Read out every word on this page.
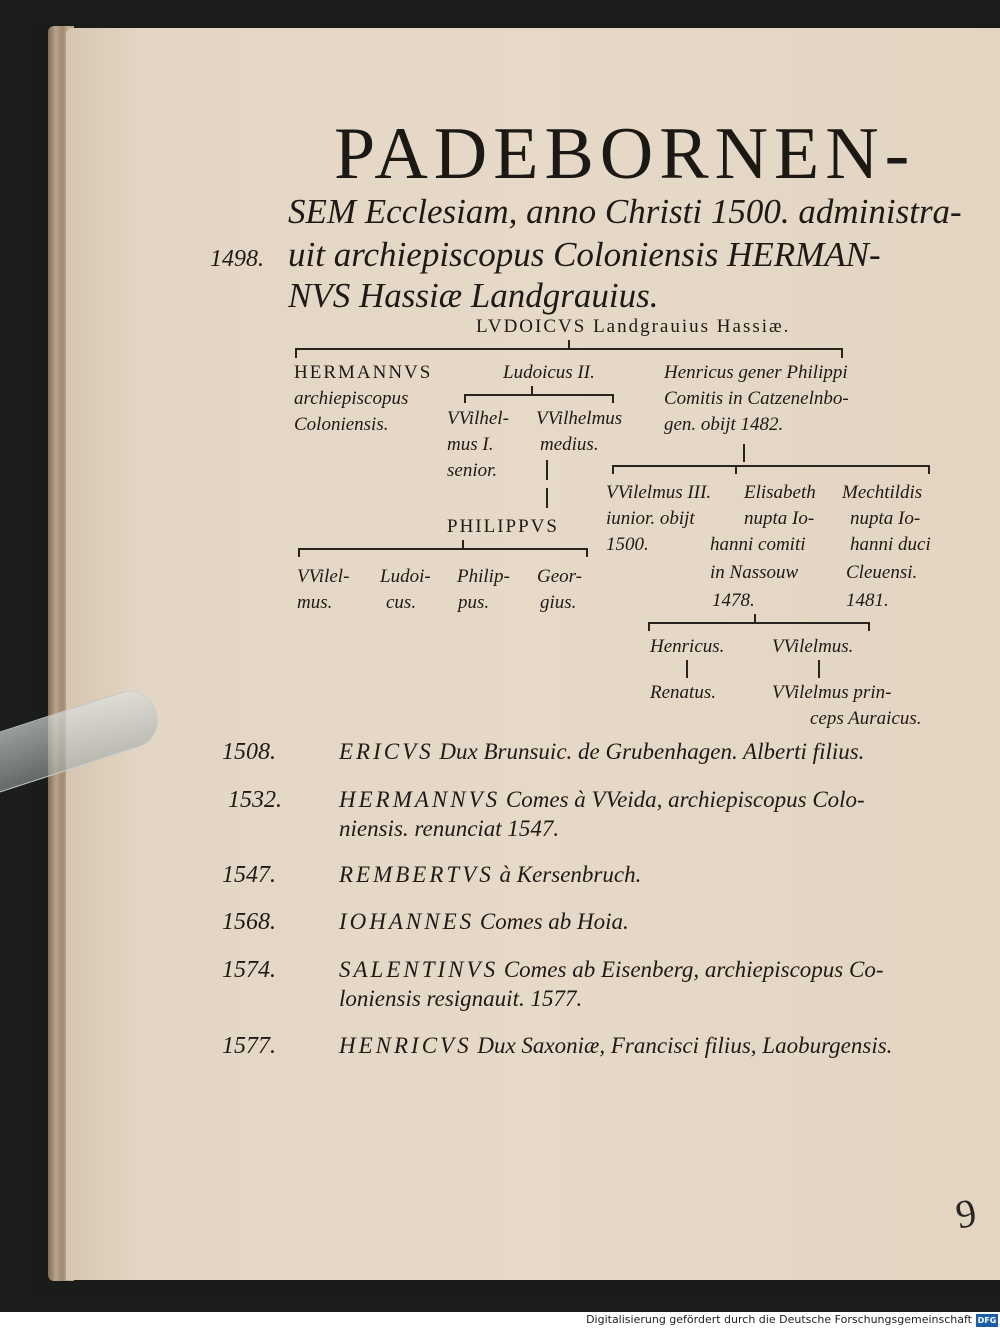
PADEBORNEN-
SEM Ecclesiam, anno Christi 1500. administra-
uit archiepiscopus Coloniensis HERMAN-
NVS Hassiæ Landgrauius.
1498.
LVDOICVS Landgrauius Hassiæ.
HERMANNVS
archiepiscopus
Coloniensis.
Ludoicus II.	Henricus gener Philippi
Comitis in Catzenelnbo-
gen. obijt 1482.
VVilhel-
mus I.
senior.
VVilhelmus
medius.
PHILIPPVS
VVilel-
mus.
Ludoi-
cus.
Philip-
pus.
Geor-
gius.
VVilelmus III.
iunior. obijt
1500.
Elisabeth
nupta Io-
hanni comiti
in Nassouw
1478.
Mechtildis
nupta Io-
hanni duci
Cleuensi.
1481.
Henricus.
Renatus.
VVilelmus.
VVilelmus prin-
ceps Auraicus.
1508.	ERICVS Dux Brunsuic. de Grubenhagen. Alberti filius.
1532. HERMANNVS Comes à VVeida, archiepiscopus Colo-
niensis. renunciat 1547.
1547.	REMBERTVS à Kersenbruch.
1568.	IOHANNES Comes ab Hoia.
1574.	SALENTINVS Comes ab Eisenberg, archiepiscopus Co-
loniensis resignauit. 1577.
1577.	HENRICVS Dux Saxoniæ, Francisci filius, Laoburgensis.
9
Digitalisierung gefördert durch die Deutsche Forschungsgemeinschaft DFG
